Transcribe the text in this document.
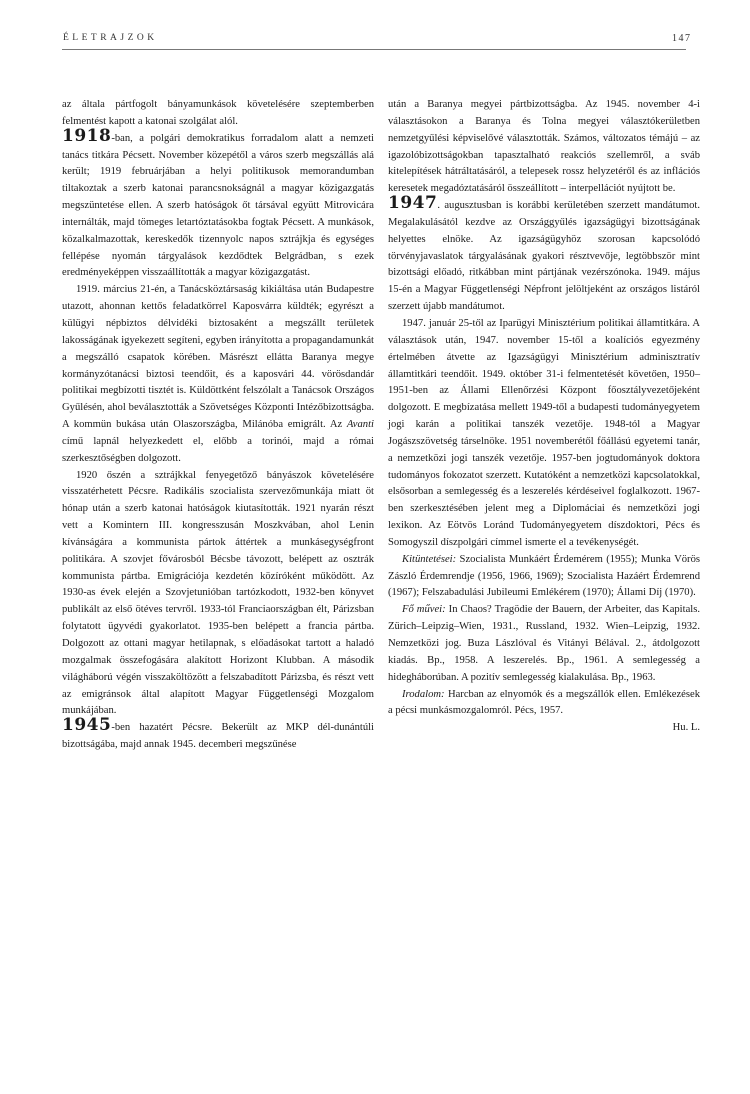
ÉLETRAJZOK	147

az általa pártfogolt bányamunkások követelésére szeptemberben felmentést kapott a katonai szolgálat alól.

1918-ban, a polgári demokratikus forradalom alatt a nemzeti tanács titkára Pécsett. November közepétől a város szerb megszállás alá került; 1919 februárjában a helyi politikusok memorandumban tiltakoztak a szerb katonai parancsnokságnál a magyar közigazgatás megszüntetése ellen. A szerb hatóságok őt társával együtt Mitrovicára internálták, majd tömeges letartóztatásokba fogtak Pécsett. A munkások, közalkalmazottak, kereskedők tizennyolc napos sztrájkja és egységes fellépése nyomán tárgyalások kezdődtek Belgrádban, s ezek eredményeképpen visszaállították a magyar közigazgatást.

1919. március 21-én, a Tanácsköztársaság kikiáltása után Budapestre utazott, ahonnan kettős feladatkörrel Kaposvárra küldték; egyrészt a külügyi népbiztos délvidéki biztosaként a megszállt területek lakosságának igyekezett segíteni, egyben irányította a propagandamunkát a megszálló csapatok körében. Másrészt ellátta Baranya megye kormányzótanácsi biztosi teendőit, és a kaposvári 44. vörösdandár politikai megbízotti tisztét is. Küldöttként felszólalt a Tanácsok Országos Gyűlésén, ahol beválasztották a Szövetséges Központi Intézőbizottságba. A kommün bukása után Olaszországba, Milánóba emigrált. Az Avanti című lapnál helyezkedett el, előbb a torinói, majd a római szerkesztőségben dolgozott.

1920 őszén a sztrájkkal fenyegetőző bányászok követelésére visszatérhetett Pécsre. Radikális szocialista szervezőmunkája miatt öt hónap után a szerb katonai hatóságok kiutasították. 1921 nyarán részt vett a Komintern III. kongresszusán Moszkvában, ahol Lenin kívánságára a kommunista pártok áttértek a munkásegységfront politikára. A szovjet fővárosból Bécsbe távozott, belépett az osztrák kommunista pártba. Emigrációja kezdetén közíróként működött. Az 1930-as évek elején a Szovjetunióban tartózkodott, 1932-ben könyvet publikált az első ötéves tervről. 1933-tól Franciaországban élt, Párizsban folytatott ügyvédi gyakorlatot. 1935-ben belépett a francia pártba. Dolgozott az ottani magyar hetilapnak, s előadásokat tartott a haladó mozgalmak összefogására alakított Horizont Klubban. A második világháború végén visszaköltözött a felszabadított Párizsba, és részt vett az emigránsok által alapított Magyar Függetlenségi Mozgalom munkájában.

1945-ben hazatért Pécsre. Bekerült az MKP dél-dunántúli bizottságába, majd annak 1945. decemberi megszűnése

után a Baranya megyei pártbizottságba. Az 1945. november 4-i választásokon a Baranya és Tolna megyei választókerületben nemzetgyűlési képviselővé választották. Számos, változatos témájú – az igazolóbizottságokban tapasztalható reakciós szellemről, a sváb kitelepítések hátráltatásáról, a telepesek rossz helyzetéről és az inflációs keresetek megadóztatásáról összeállított – interpellációt nyújtott be.

1947. augusztusban is korábbi kerületében szerzett mandátumot. Megalakulásától kezdve az Országgyűlés igazságügyi bizottságának helyettes elnöke. Az igazságügyhöz szorosan kapcsolódó törvényjavaslatok tárgyalásának gyakori résztvevője, legtöbbször mint bizottsági előadó, ritkábban mint pártjának vezérszónoka. 1949. május 15-én a Magyar Függetlenségi Népfront jelöltjeként az országos listáról szerzett újabb mandátumot.

1947. január 25-től az Iparügyi Minisztérium politikai államtitkára. A választások után, 1947. november 15-től a koalíciós egyezmény értelmében átvette az Igazságügyi Minisztérium adminisztratív államtitkári teendőit. 1949. október 31-i felmentetését követően, 1950–1951-ben az Állami Ellenőrzési Központ főosztályvezetőjeként dolgozott. E megbízatása mellett 1949-től a budapesti tudományegyetem jogi karán a politikai tanszék vezetője. 1948-tól a Magyar Jogászszövetség társelnöke. 1951 novemberétől főállású egyetemi tanár, a nemzetközi jogi tanszék vezetője. 1957-ben jogtudományok doktora tudományos fokozatot szerzett. Kutatóként a nemzetközi kapcsolatokkal, elsősorban a semlegesség és a leszerelés kérdéseivel foglalkozott. 1967-ben szerkesztésében jelent meg a Diplomáciai és nemzetközi jogi lexikon. Az Eötvös Loránd Tudományegyetem díszdoktori, Pécs és Somogyszil díszpolgári címmel ismerte el a tevékenységét.

Kitüntetései: Szocialista Munkáért Érdemérem (1955); Munka Vörös Zászló Érdemrendje (1956, 1966, 1969); Szocialista Hazáért Érdemrend (1967); Felszabadulási Jubileumi Emlékérem (1970); Állami Díj (1970).

Fő művei: In Chaos? Tragödie der Bauern, der Arbeiter, das Kapitals. Zürich–Leipzig–Wien, 1931., Russland, 1932. Wien–Leipzig, 1932. Nemzetközi jog. Buza Lászlóval és Vitányi Bélával. 2., átdolgozott kiadás. Bp., 1958. A leszerelés. Bp., 1961. A semlegesség a hidegháborúban. A pozitív semlegesség kialakulása. Bp., 1963.

Irodalom: Harcban az elnyomók és a megszállók ellen. Emlékezések a pécsi munkásmozgalomról. Pécs, 1957.

Hu. L.
